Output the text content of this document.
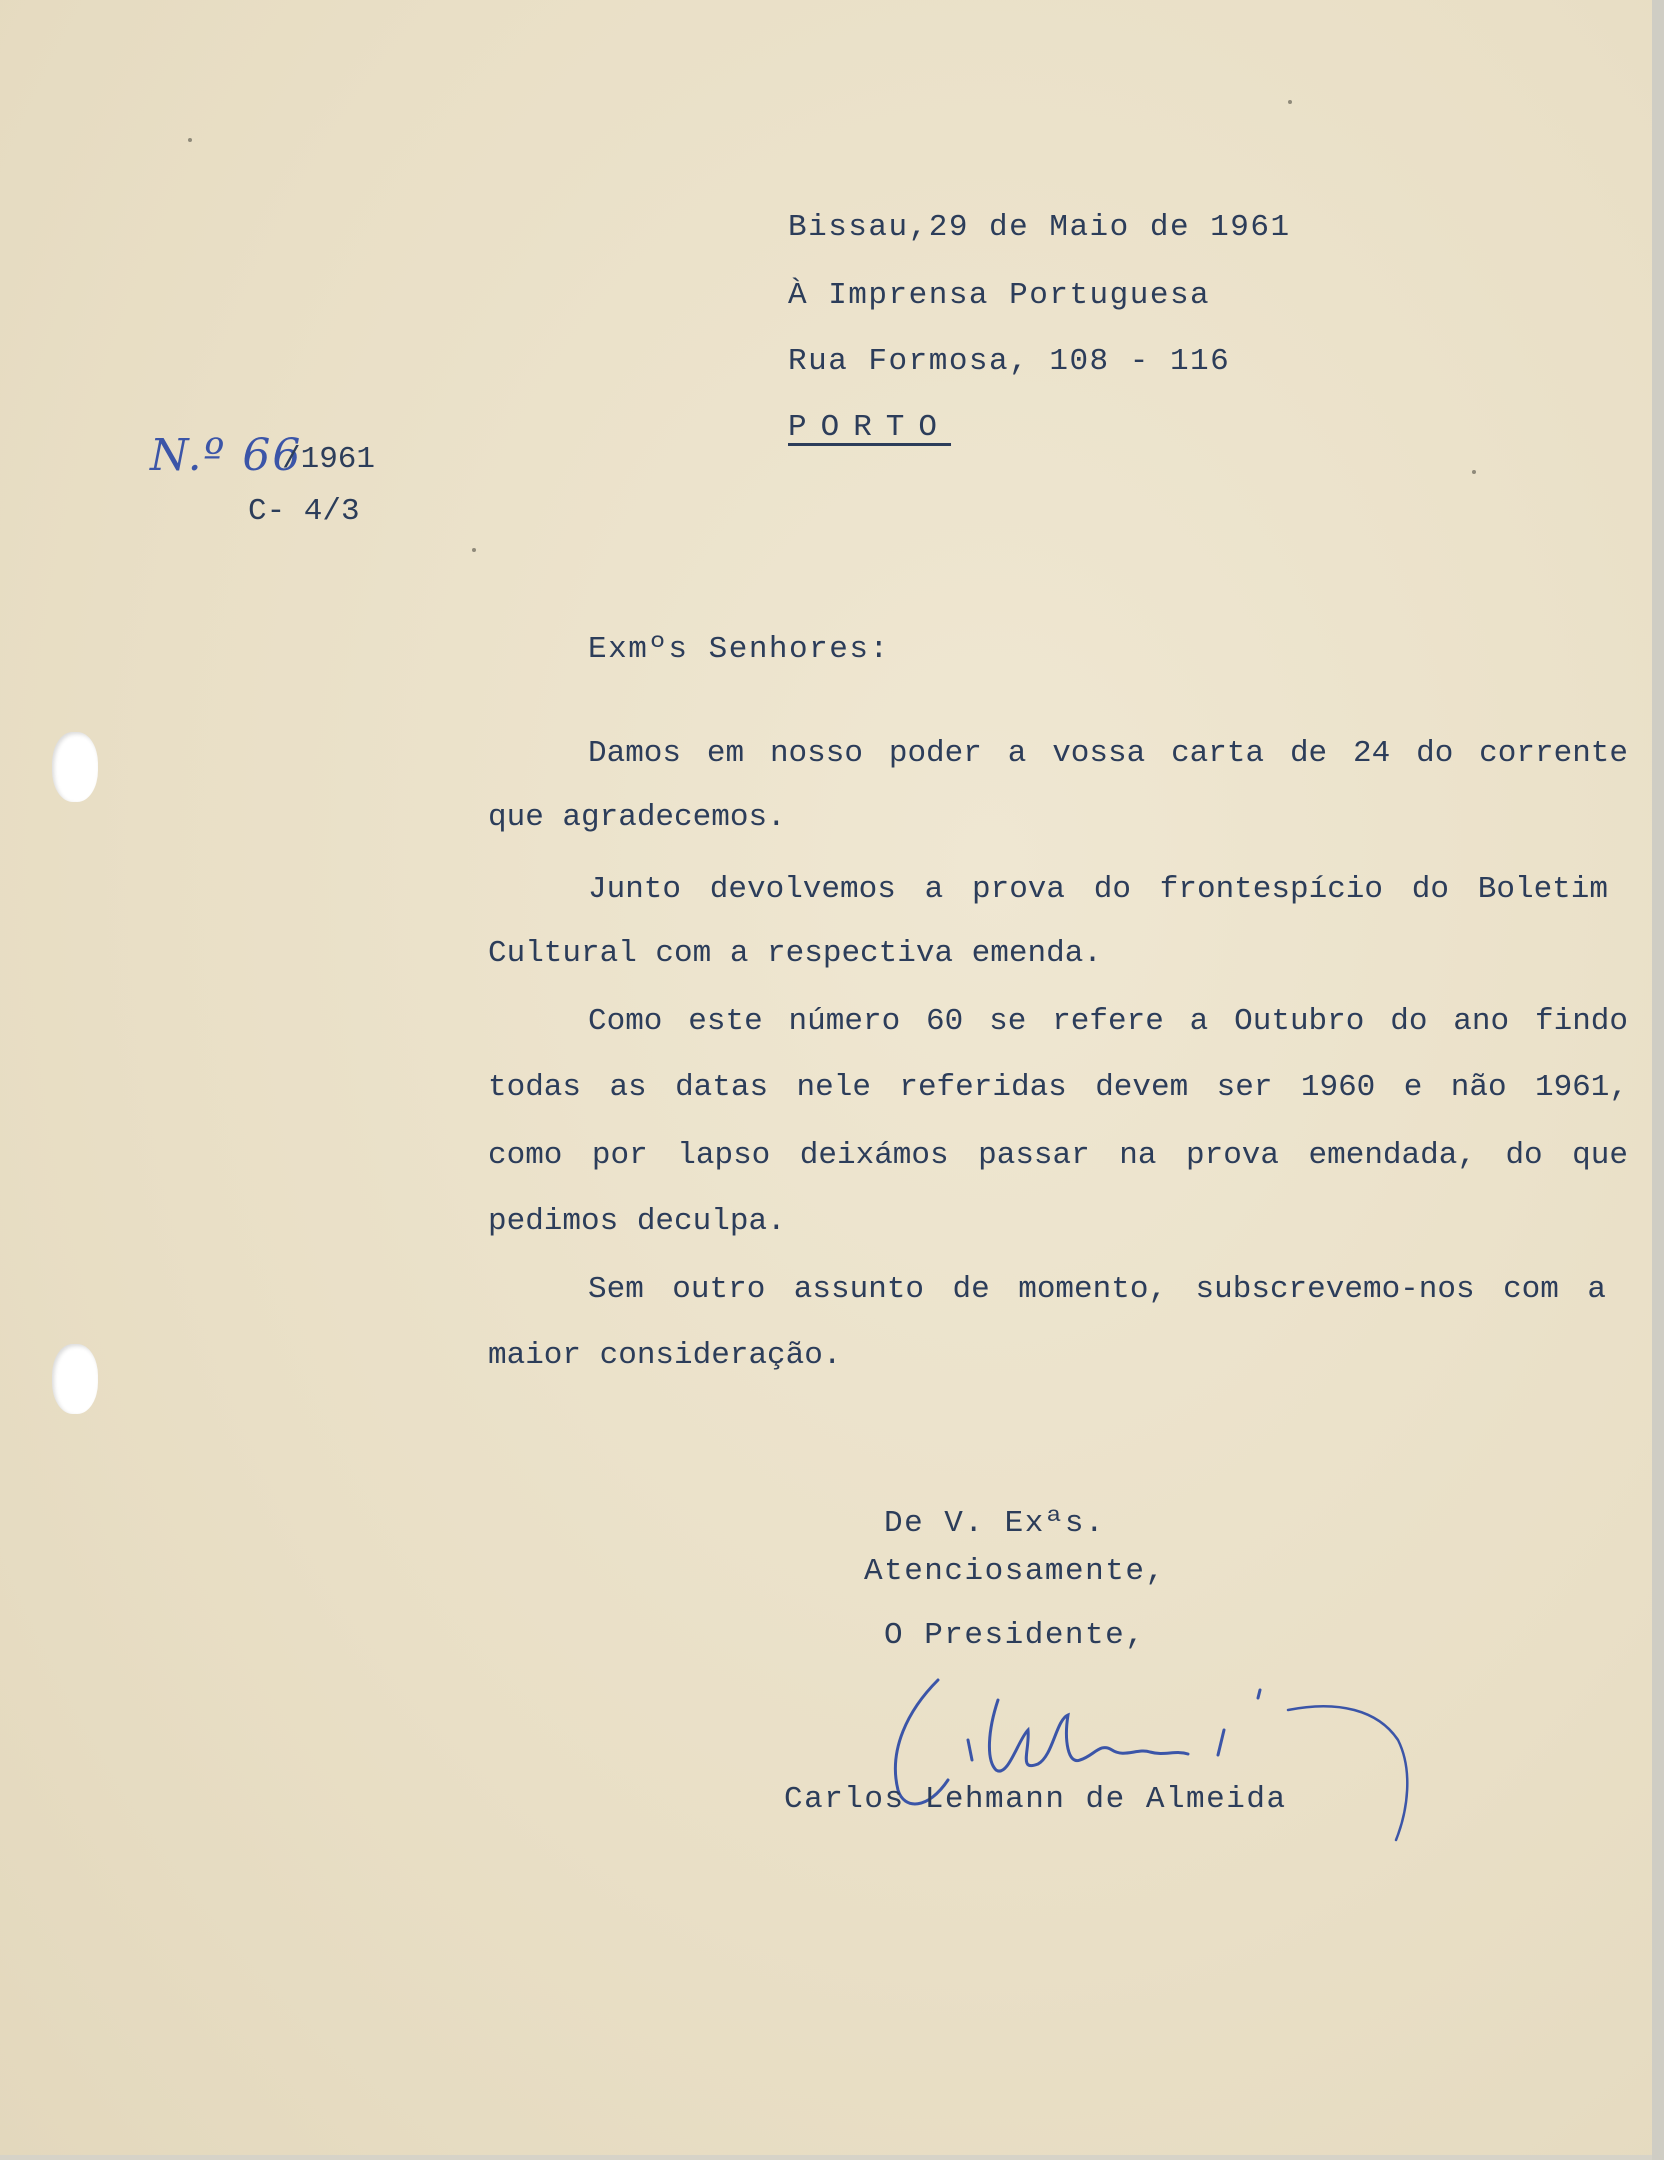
Bissau,29 de Maio de 1961
À Imprensa Portuguesa
Rua Formosa, 108 - 116
PORTO
N.º 66
/1961
C- 4/3
Exmºs Senhores:
Damos em nosso poder a vossa carta de 24 do corrente
que agradecemos.
Junto devolvemos a prova do frontespício do Boletim
Cultural com a respectiva emenda.
Como este número 60 se refere a Outubro do ano findo
todas as datas nele referidas devem ser 1960 e não 1961,
como por lapso deixámos passar na prova emendada, do que
pedimos deculpa.
Sem outro assunto de momento, subscrevemo-nos com a
maior consideração.
De V. Exªs.
Atenciosamente,
O Presidente,
Carlos Lehmann de Almeida
